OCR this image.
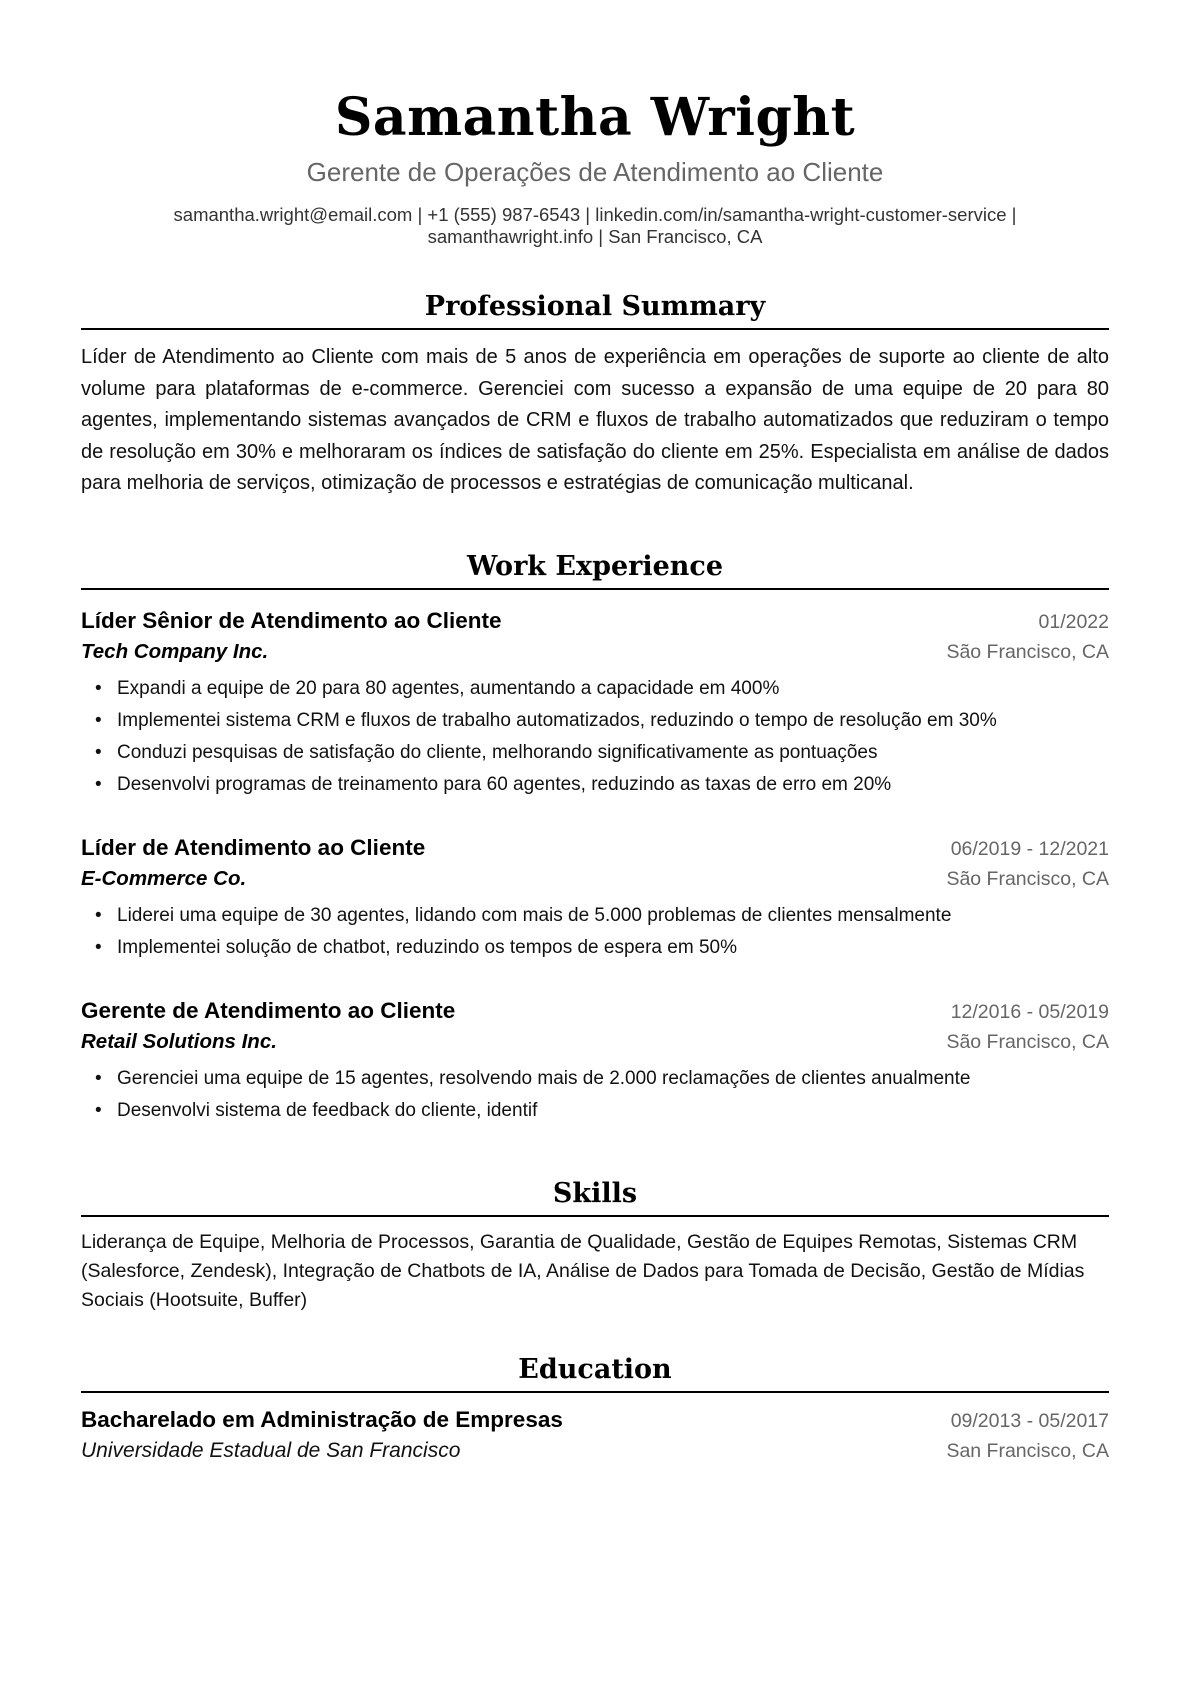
Samantha Wright
Gerente de Operações de Atendimento ao Cliente
samantha.wright@email.com | +1 (555) 987-6543 | linkedin.com/in/samantha-wright-customer-service | samanthawright.info | San Francisco, CA
Professional Summary
Líder de Atendimento ao Cliente com mais de 5 anos de experiência em operações de suporte ao cliente de alto volume para plataformas de e-commerce. Gerenciei com sucesso a expansão de uma equipe de 20 para 80 agentes, implementando sistemas avançados de CRM e fluxos de trabalho automatizados que reduziram o tempo de resolução em 30% e melhoraram os índices de satisfação do cliente em 25%. Especialista em análise de dados para melhoria de serviços, otimização de processos e estratégias de comunicação multicanal.
Work Experience
Líder Sênior de Atendimento ao Cliente	01/2022
Tech Company Inc.	São Francisco, CA
• Expandi a equipe de 20 para 80 agentes, aumentando a capacidade em 400%
• Implementei sistema CRM e fluxos de trabalho automatizados, reduzindo o tempo de resolução em 30%
• Conduzi pesquisas de satisfação do cliente, melhorando significativamente as pontuações
• Desenvolvi programas de treinamento para 60 agentes, reduzindo as taxas de erro em 20%
Líder de Atendimento ao Cliente	06/2019 - 12/2021
E-Commerce Co.	São Francisco, CA
• Liderei uma equipe de 30 agentes, lidando com mais de 5.000 problemas de clientes mensalmente
• Implementei solução de chatbot, reduzindo os tempos de espera em 50%
Gerente de Atendimento ao Cliente	12/2016 - 05/2019
Retail Solutions Inc.	São Francisco, CA
• Gerenciei uma equipe de 15 agentes, resolvendo mais de 2.000 reclamações de clientes anualmente
• Desenvolvi sistema de feedback do cliente, identif
Skills
Liderança de Equipe, Melhoria de Processos, Garantia de Qualidade, Gestão de Equipes Remotas, Sistemas CRM (Salesforce, Zendesk), Integração de Chatbots de IA, Análise de Dados para Tomada de Decisão, Gestão de Mídias Sociais (Hootsuite, Buffer)
Education
Bacharelado em Administração de Empresas	09/2013 - 05/2017
Universidade Estadual de San Francisco	San Francisco, CA
